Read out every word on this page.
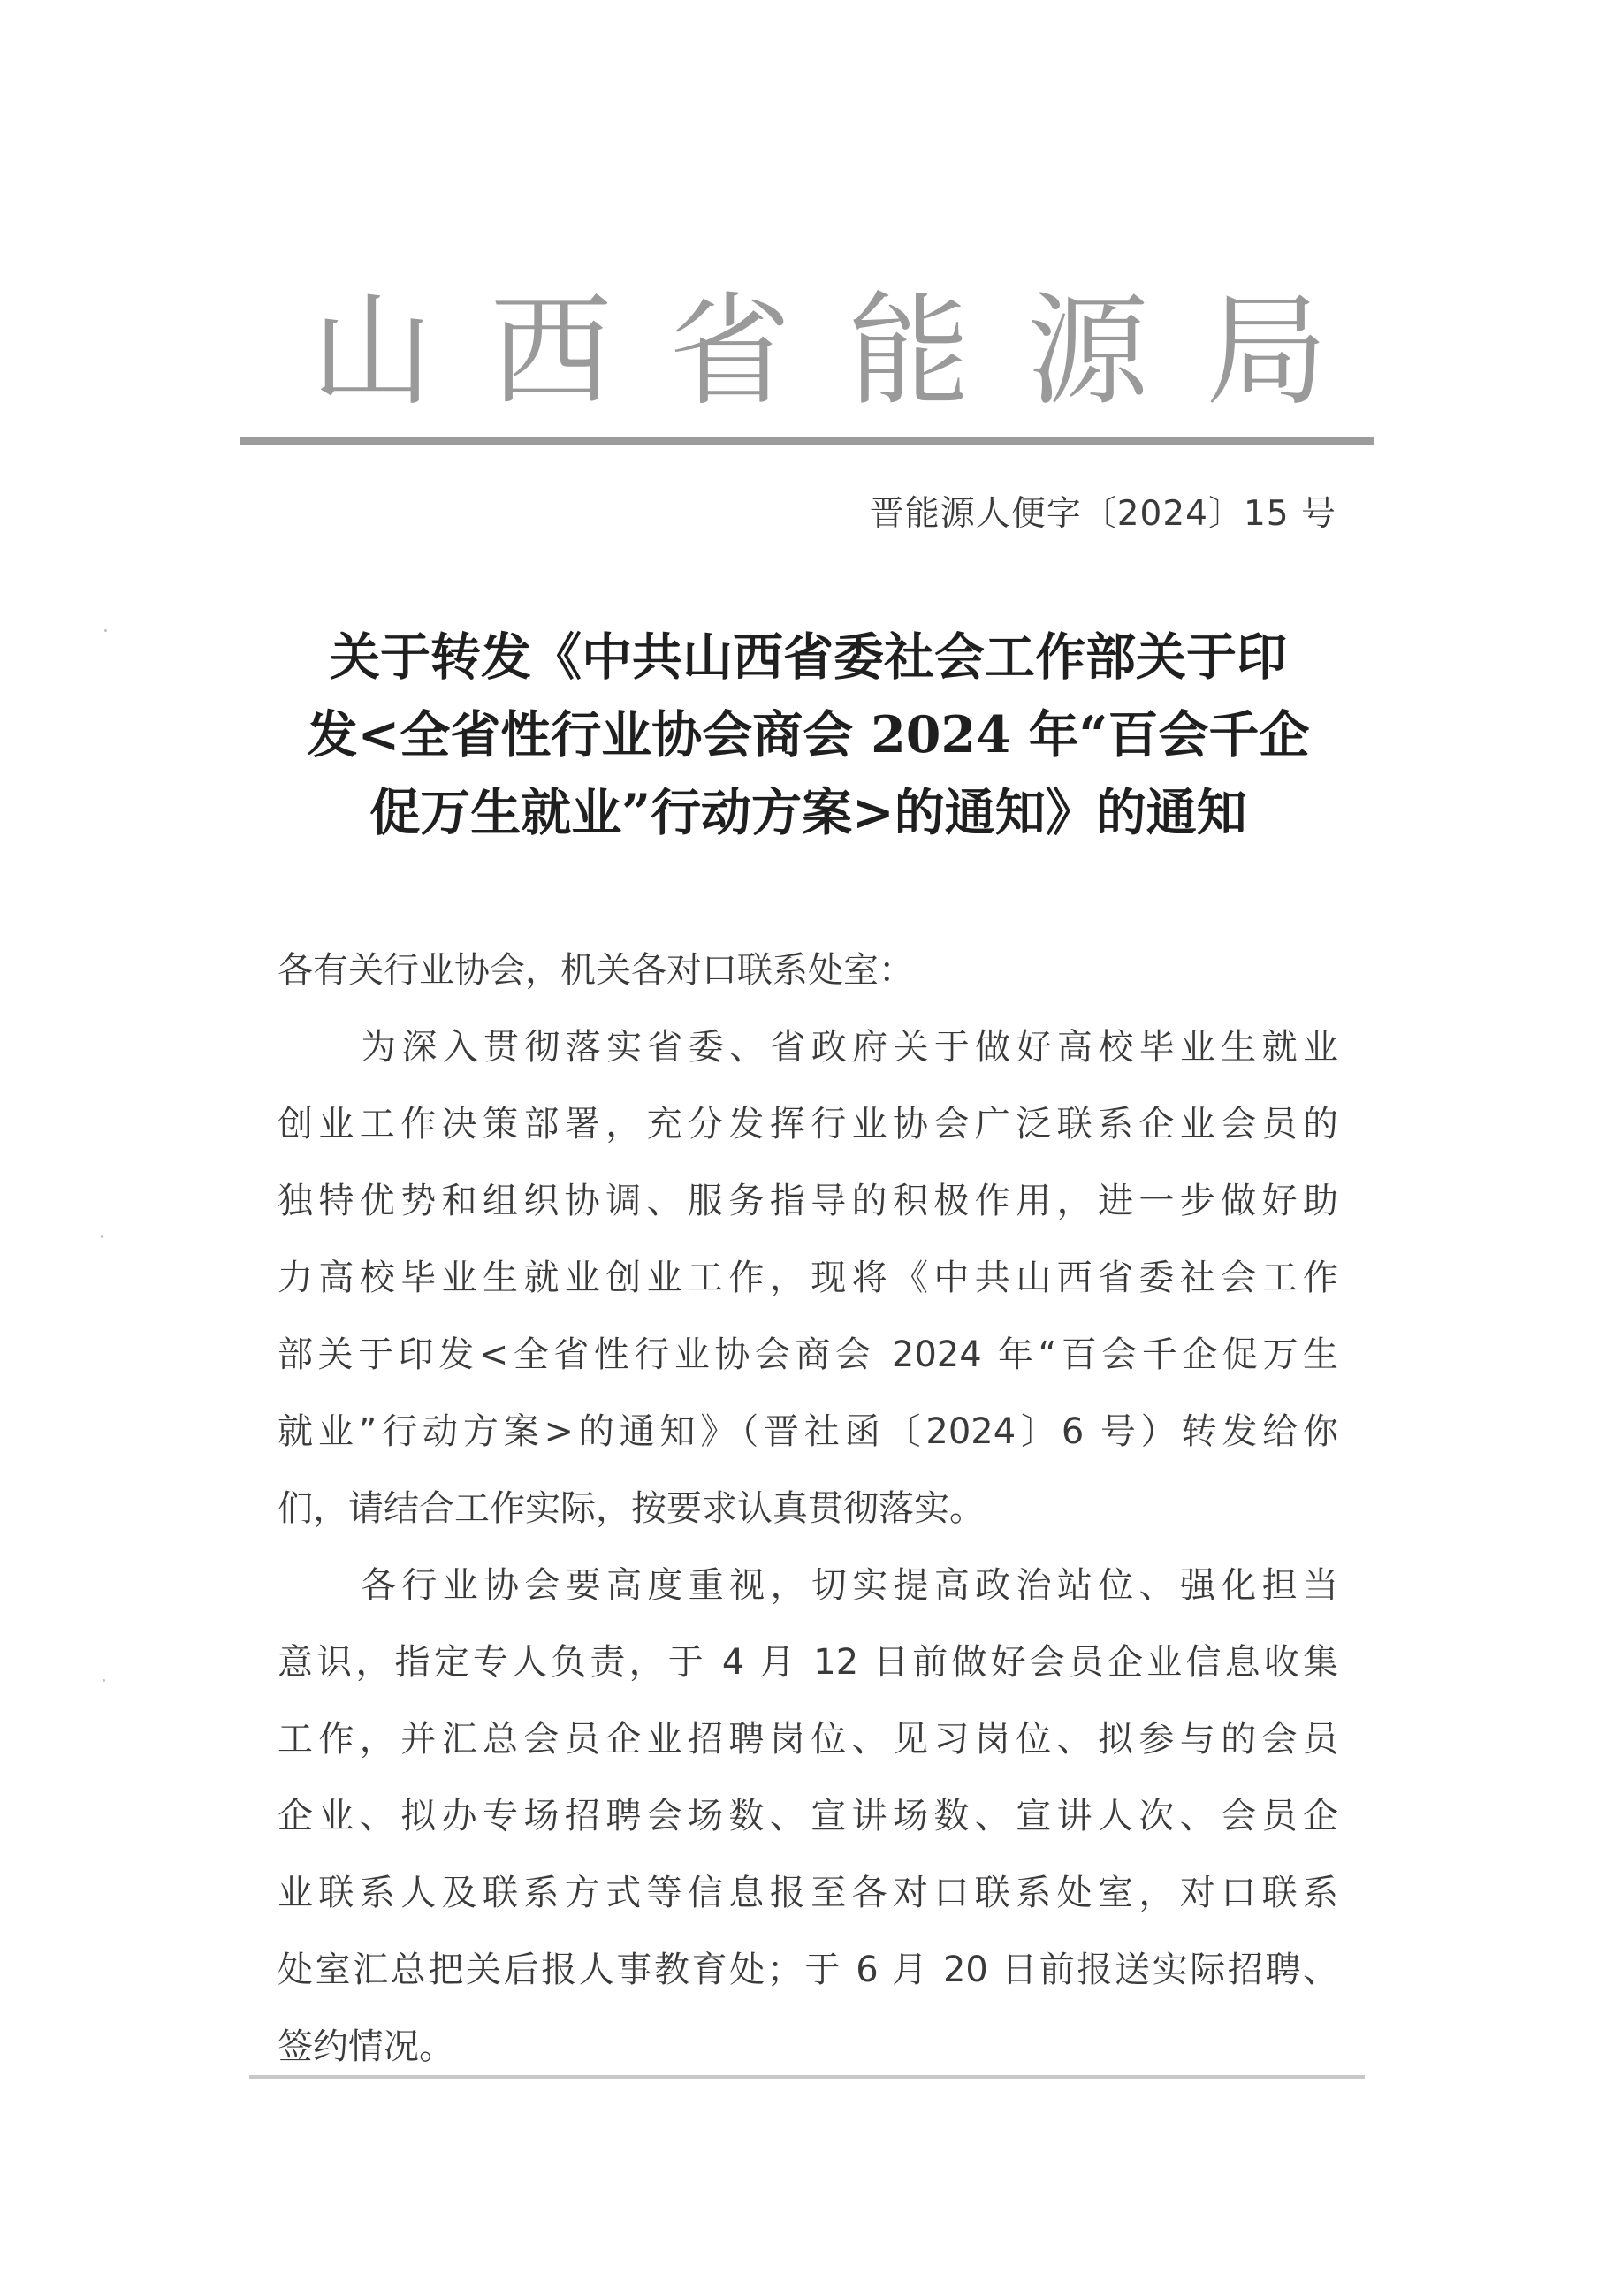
山 西 省 能 源 局
晋能源人便字〔2024〕15 号
关于转发《中共山西省委社会工作部关于印
发<全省性行业协会商会 2024 年“百会千企
促万生就业”行动方案>的通知》的通知
各有关行业协会，机关各对口联系处室：
为深入贯彻落实省委、省政府关于做好高校毕业生就业
创业工作决策部署，充分发挥行业协会广泛联系企业会员的
独特优势和组织协调、服务指导的积极作用，进一步做好助
力高校毕业生就业创业工作，现将《中共山西省委社会工作
部关于印发<全省性行业协会商会 2024 年“百会千企促万生
就业”行动方案>的通知》（晋社函〔2024〕6 号）转发给你
们，请结合工作实际，按要求认真贯彻落实。
各行业协会要高度重视，切实提高政治站位、强化担当
意识，指定专人负责，于 4 月 12 日前做好会员企业信息收集
工作，并汇总会员企业招聘岗位、见习岗位、拟参与的会员
企业、拟办专场招聘会场数、宣讲场数、宣讲人次、会员企
业联系人及联系方式等信息报至各对口联系处室，对口联系
处室汇总把关后报人事教育处；于 6 月 20 日前报送实际招聘、
签约情况。
